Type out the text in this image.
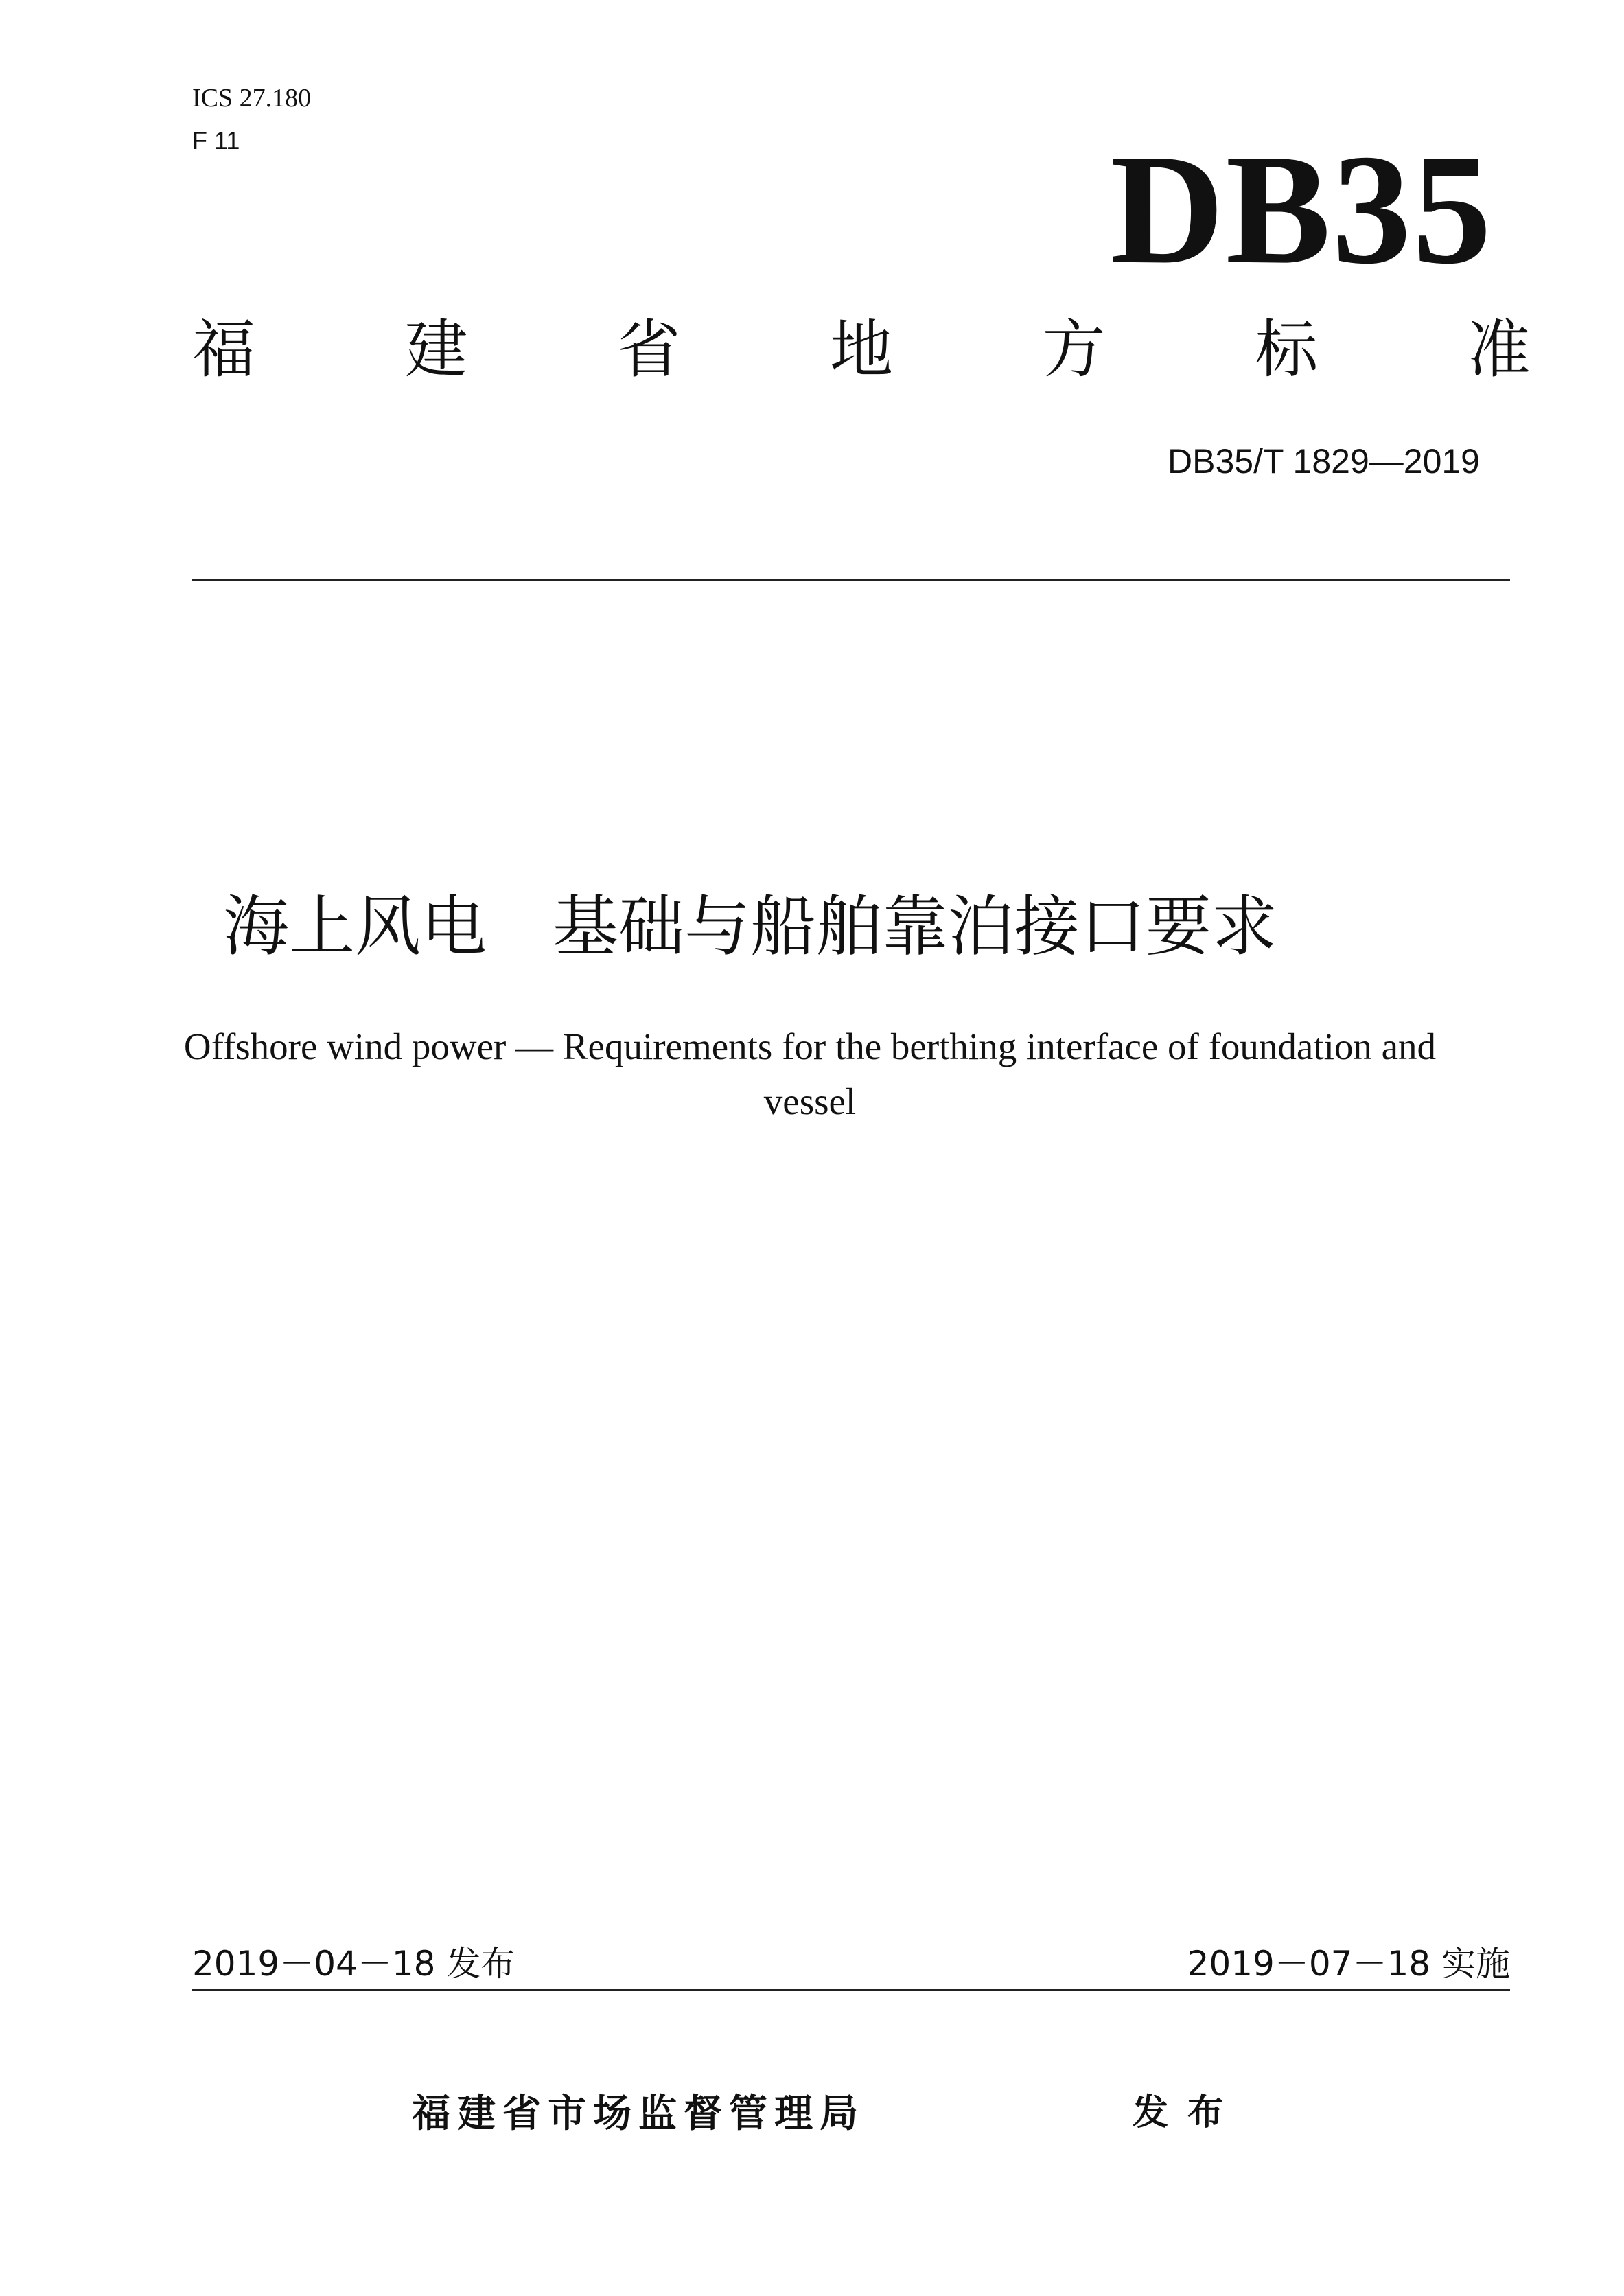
ICS 27.180
F 11	DB35
福 建 省 地 方 标 准
DB35/T 1829—2019
海上风电　基础与船舶靠泊接口要求
Offshore wind power — Requirements for the berthing interface of foundation and vessel
2019－04－18 发布	2019－07－18 实施
福建省市场监督管理局	发布
